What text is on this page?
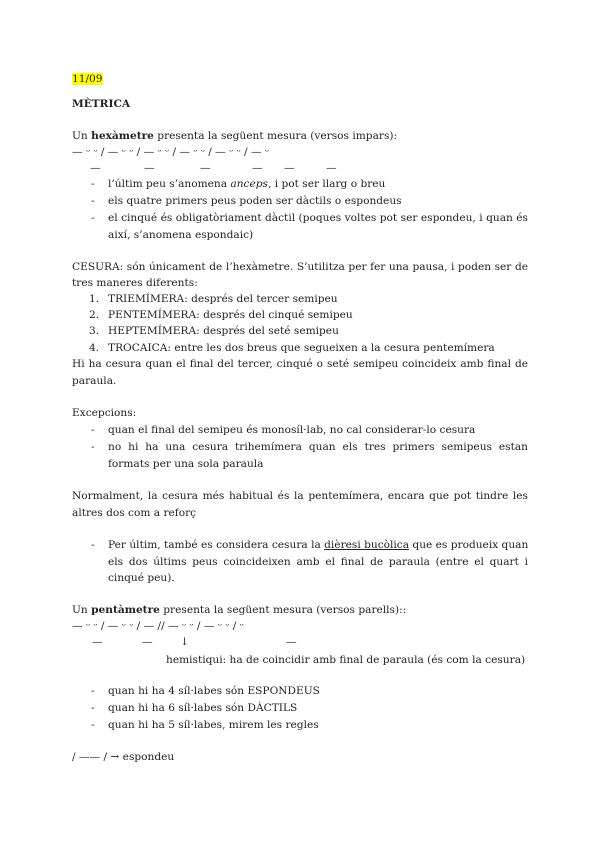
11/09
MÈTRICA
Un hexàmetre presenta la següent mesura (versos impars):
— ᵕ ᵕ / — ᵕ ᵕ / — ᵕ ᵕ / — ᵕ ᵕ / — ᵕ ᵕ / — ᵕ
—	—	—	— —	—
- l’últim peu s’anomena anceps, i pot ser llarg o breu
- els quatre primers peus poden ser dàctils o espondeus
- el cinqué és obligatòriament dàctil (poques voltes pot ser espondeu, i quan és
així, s’anomena espondaic)
CESURA: són únicament de l’hexàmetre. S’utilitza per fer una pausa, i poden ser de
tres maneres diferents:
1. TRIEMÍMERA: després del tercer semipeu
2. PENTEMÍMERA: després del cinqué semipeu
3. HEPTEMÍMERA: després del seté semipeu
4. TROCAICA: entre les dos breus que segueixen a la cesura pentemímera
Hi ha cesura quan el final del tercer, cinqué o seté semipeu coincideix amb final de
paraula.
Excepcions:
- quan el final del semipeu és monosíl·lab, no cal considerar-lo cesura
- no hi ha una cesura trihemímera quan els tres primers semipeus estan
formats per una sola paraula
Normalment, la cesura més habitual és la pentemímera, encara que pot tindre les
altres dos com a reforç
- Per últim, també es considera cesura la dièresi bucòlica que es produeix quan
els dos últims peus coincideixen amb el final de paraula (entre el quart i
cinqué peu).
Un pentàmetre presenta la següent mesura (versos parells)::
— ᵕ ᵕ / — ᵕ ᵕ / — // — ᵕ ᵕ / — ᵕ ᵕ / ᵕ
—	—	↓	—
hemistiqui: ha de coincidir amb final de paraula (és com la cesura)
- quan hi ha 4 síl·labes són ESPONDEUS
- quan hi ha 6 síl·labes són DÀCTILS
- quan hi ha 5 síl·labes, mirem les regles
/ —— / → espondeu
